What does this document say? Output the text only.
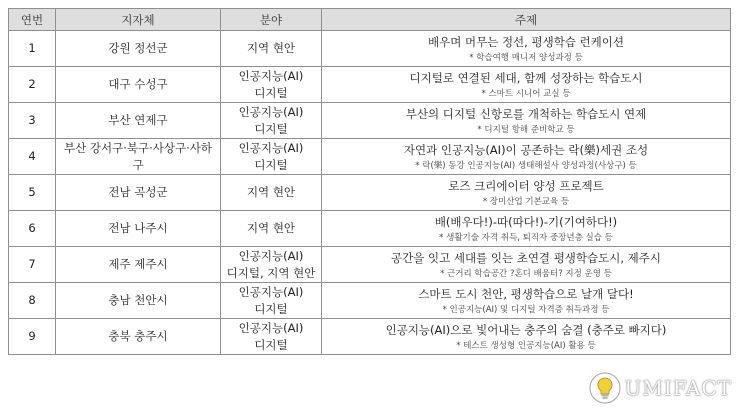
연번	지자체	분야	주제
1	강원 정선군	지역 현안	배우며 머무는 정선, 평생학습 런케이션
* 학습여행 매니저 양성과정 등

2	대구 수성구	인공지능(AI)
디지털	디지털로 연결된 세대, 함께 성장하는 학습도시
* 스마트 시니어 교실 등

3	부산 연제구	인공지능(AI)
디지털	부산의 디지털 신항로를 개척하는 학습도시 연제
* 디지털 항해 준비학교 등

4	부산 강서구·북구·사상구·사하구	인공지능(AI)
디지털	자연과 인공지능(AI)이 공존하는 락(樂)세권 조성
* 락(樂) 동강 인공지능(AI) 생태해설사 양성과정(사상구) 등

5	전남 곡성군	지역 현안	로즈 크리에이터 양성 프로젝트
* 장미산업 기본교육 등

6	전남 나주시	지역 현안	배(배우다!)-따(따다!)-기(기여하다!)
* 생활기술 자격 취득, 퇴직자 중장년층 실습 등

7	제주 제주시	인공지능(AI)
디지털, 지역 현안	공간을 잇고 세대를 잇는 초연결 평생학습도시, 제주시
* 근거리 학습공간 ?혼디 배움터? 지정 운영 등

8	충남 천안시	인공지능(AI)
디지털	스마트 도시 천안, 평생학습으로 날개 달다!
* 인공지능(AI) 및 디지털 자격증 취득과정 등

9	충북 충주시	인공지능(AI)
디지털	인공지능(AI)으로 빛어내는 충주의 숨결 (충주로 빠지다)
* 테스트 생성형 인공지능(AI) 활용 등
UMIFACT
